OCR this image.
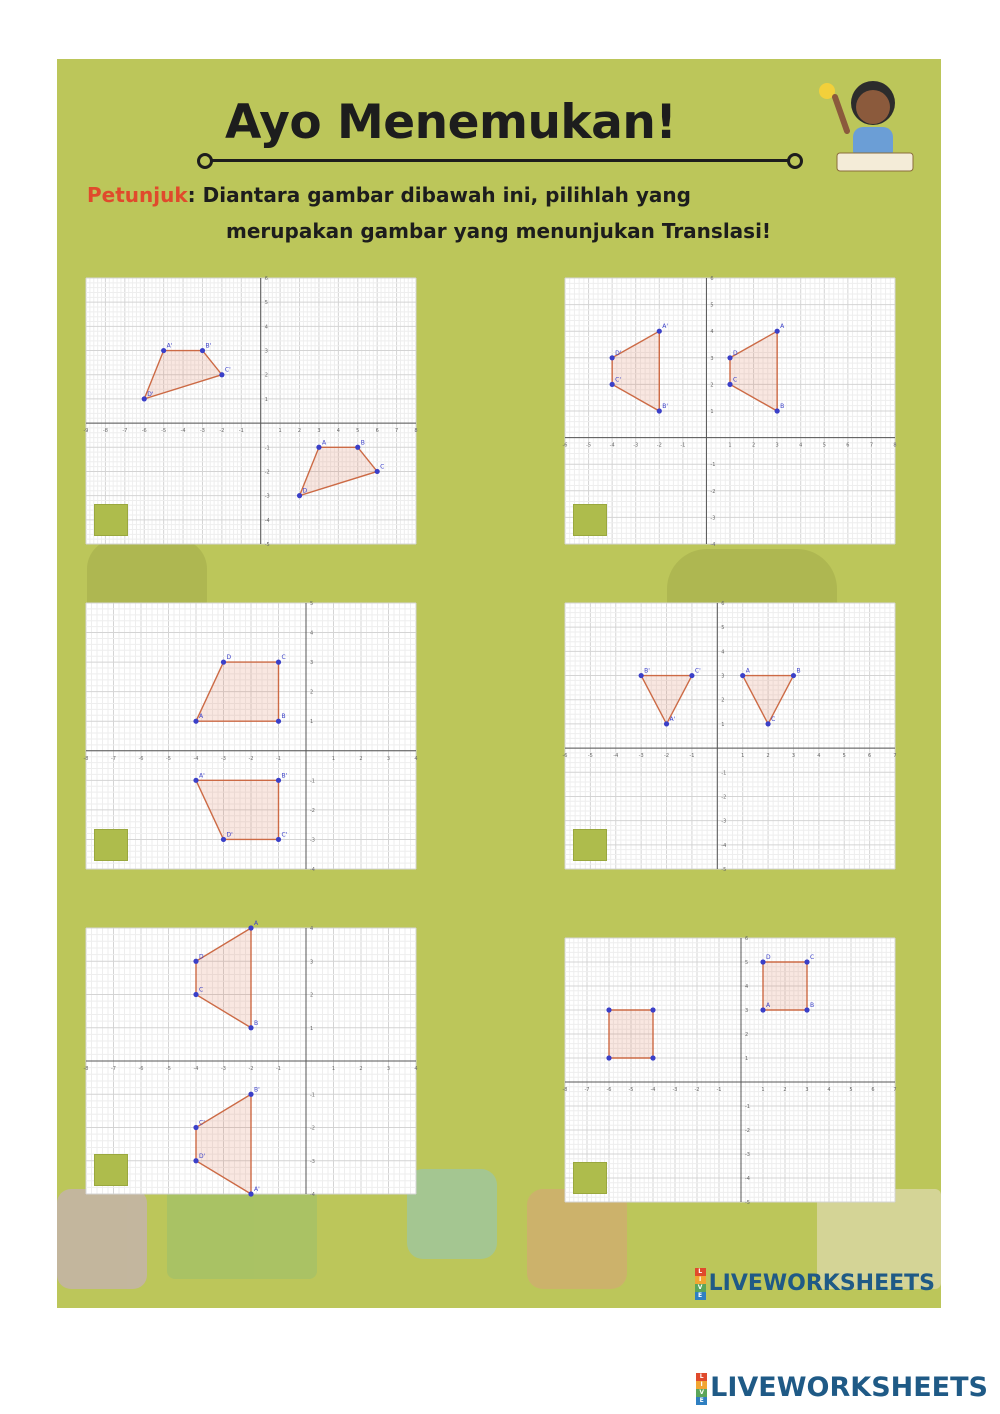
Ayo Menemukan!
Petunjuk: Diantara gambar dibawah ini, pilihlah yang
merupakan gambar yang menunjukan Translasi!
-9	-8	-7	-6	-5	-4	-3	-2	-1	1	2	3	4	5	6	7	8
-5
-4
-3
-2
-1
1
2
3
4
5
6
D'
A'	B'
C'
D
A	B
C
-6	-5	-4	-3	-2	-1	1	2	3	4	5	6	7	8
-4
-3
-2
-1
1
2
3
4
5
6
A'
B'
C'
D'
A
B
C
D
-8	-7	-6	-5	-4	-3	-2	-1	1	2	3	4
-4
-3
-2
-1
1
2
3
4
5
D	C
B
A
A'	B'
C'
D'
-6	-5	-4	-3	-2	-1	1	2	3	4	5	6	7
-5
-4
-3
-2
-1
1
2
3
4
5
6
B'	C'
A'
A	B
C
-8	-7	-6	-5	-4	-3	-2	-1	1	2	3	4
-4
-3
-2
-1
1
2
3
4
A
B
C
D
B'
A'
D'
C'
-8	-7	-6	-5	-4	-3	-2	-1	1	2	3	4	5	6	7
-5
-4
-3
-2
-1
1
2
3
4
5
6
A
D	C
B
L
I
V
E LIVEWORKSHEETS
L
I
V
E LIVEWORKSHEETS
